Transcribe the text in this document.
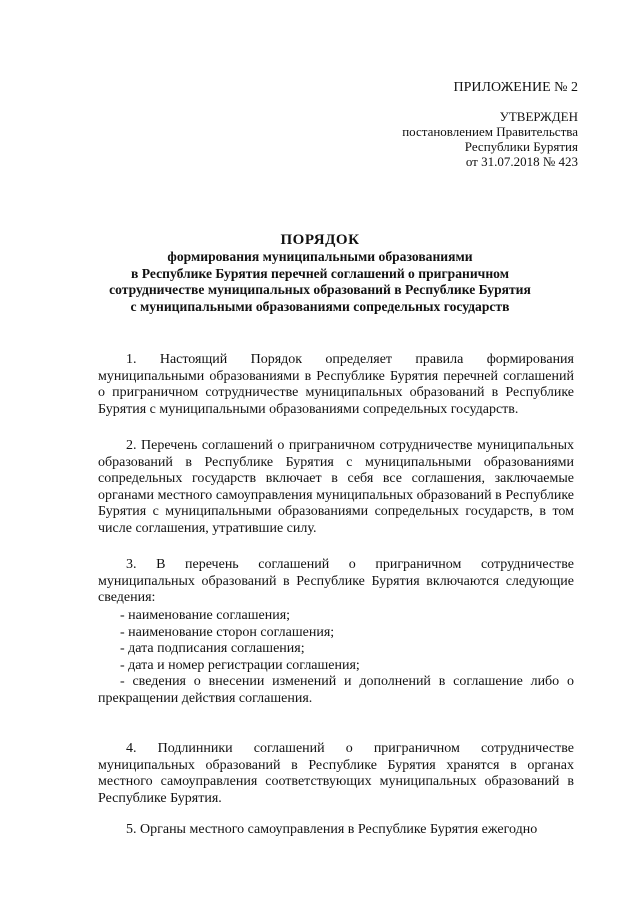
ПРИЛОЖЕНИЕ № 2
УТВЕРЖДЕН
постановлением Правительства
Республики Бурятия
от 31.07.2018 № 423
ПОРЯДОК
формирования муниципальными образованиями
в Республике Бурятия перечней соглашений о приграничном
сотрудничестве муниципальных образований в Республике Бурятия
с муниципальными образованиями сопредельных государств

1. Настоящий Порядок определяет правила формирования муниципальными образованиями в Республике Бурятия перечней соглашений о приграничном сотрудничестве муниципальных образований в Республике Бурятия с муниципальными образованиями сопредельных государств.

2. Перечень соглашений о приграничном сотрудничестве муниципальных образований в Республике Бурятия с муниципальными образованиями сопредельных государств включает в себя все соглашения, заключаемые органами местного самоуправления муниципальных образований в Республике Бурятия с муниципальными образованиями сопредельных государств, в том числе соглашения, утратившие силу.

3. В перечень соглашений о приграничном сотрудничестве муниципальных образований в Республике Бурятия включаются следующие сведения:

- наименование соглашения;
- наименование сторон соглашения;
- дата подписания соглашения;
- дата и номер регистрации соглашения;
- сведения о внесении изменений и дополнений в соглашение либо о прекращении действия соглашения.

4. Подлинники соглашений о приграничном сотрудничестве муниципальных образований в Республике Бурятия хранятся в органах местного самоуправления соответствующих муниципальных образований в Республике Бурятия.

5. Органы местного самоуправления в Республике Бурятия ежегодно
